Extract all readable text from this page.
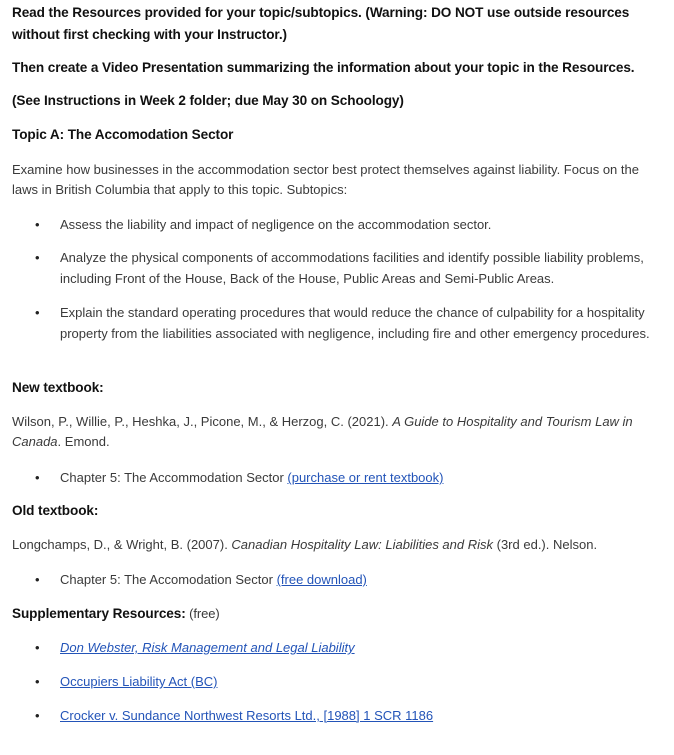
Read the Resources provided for your topic/subtopics. (Warning: DO NOT use outside resources without first checking with your Instructor.)
Then create a Video Presentation summarizing the information about your topic in the Resources.
(See Instructions in Week 2 folder; due May 30 on Schoology)
Topic A: The Accomodation Sector
Examine how businesses in the accommodation sector best protect themselves against liability. Focus on the laws in British Columbia that apply to this topic. Subtopics:
• Assess the liability and impact of negligence on the accommodation sector.
• Analyze the physical components of accommodations facilities and identify possible liability problems, including Front of the House, Back of the House, Public Areas and Semi-Public Areas.
• Explain the standard operating procedures that would reduce the chance of culpability for a hospitality property from the liabilities associated with negligence, including fire and other emergency procedures.
New textbook:
Wilson, P., Willie, P., Heshka, J., Picone, M., & Herzog, C. (2021). A Guide to Hospitality and Tourism Law in Canada. Emond.
• Chapter 5: The Accommodation Sector (purchase or rent textbook)
Old textbook:
Longchamps, D., & Wright, B. (2007). Canadian Hospitality Law: Liabilities and Risk (3rd ed.). Nelson.
• Chapter 5: The Accomodation Sector (free download)
Supplementary Resources: (free)
• Don Webster, Risk Management and Legal Liability
• Occupiers Liability Act (BC)
• Crocker v. Sundance Northwest Resorts Ltd., [1988] 1 SCR 1186
